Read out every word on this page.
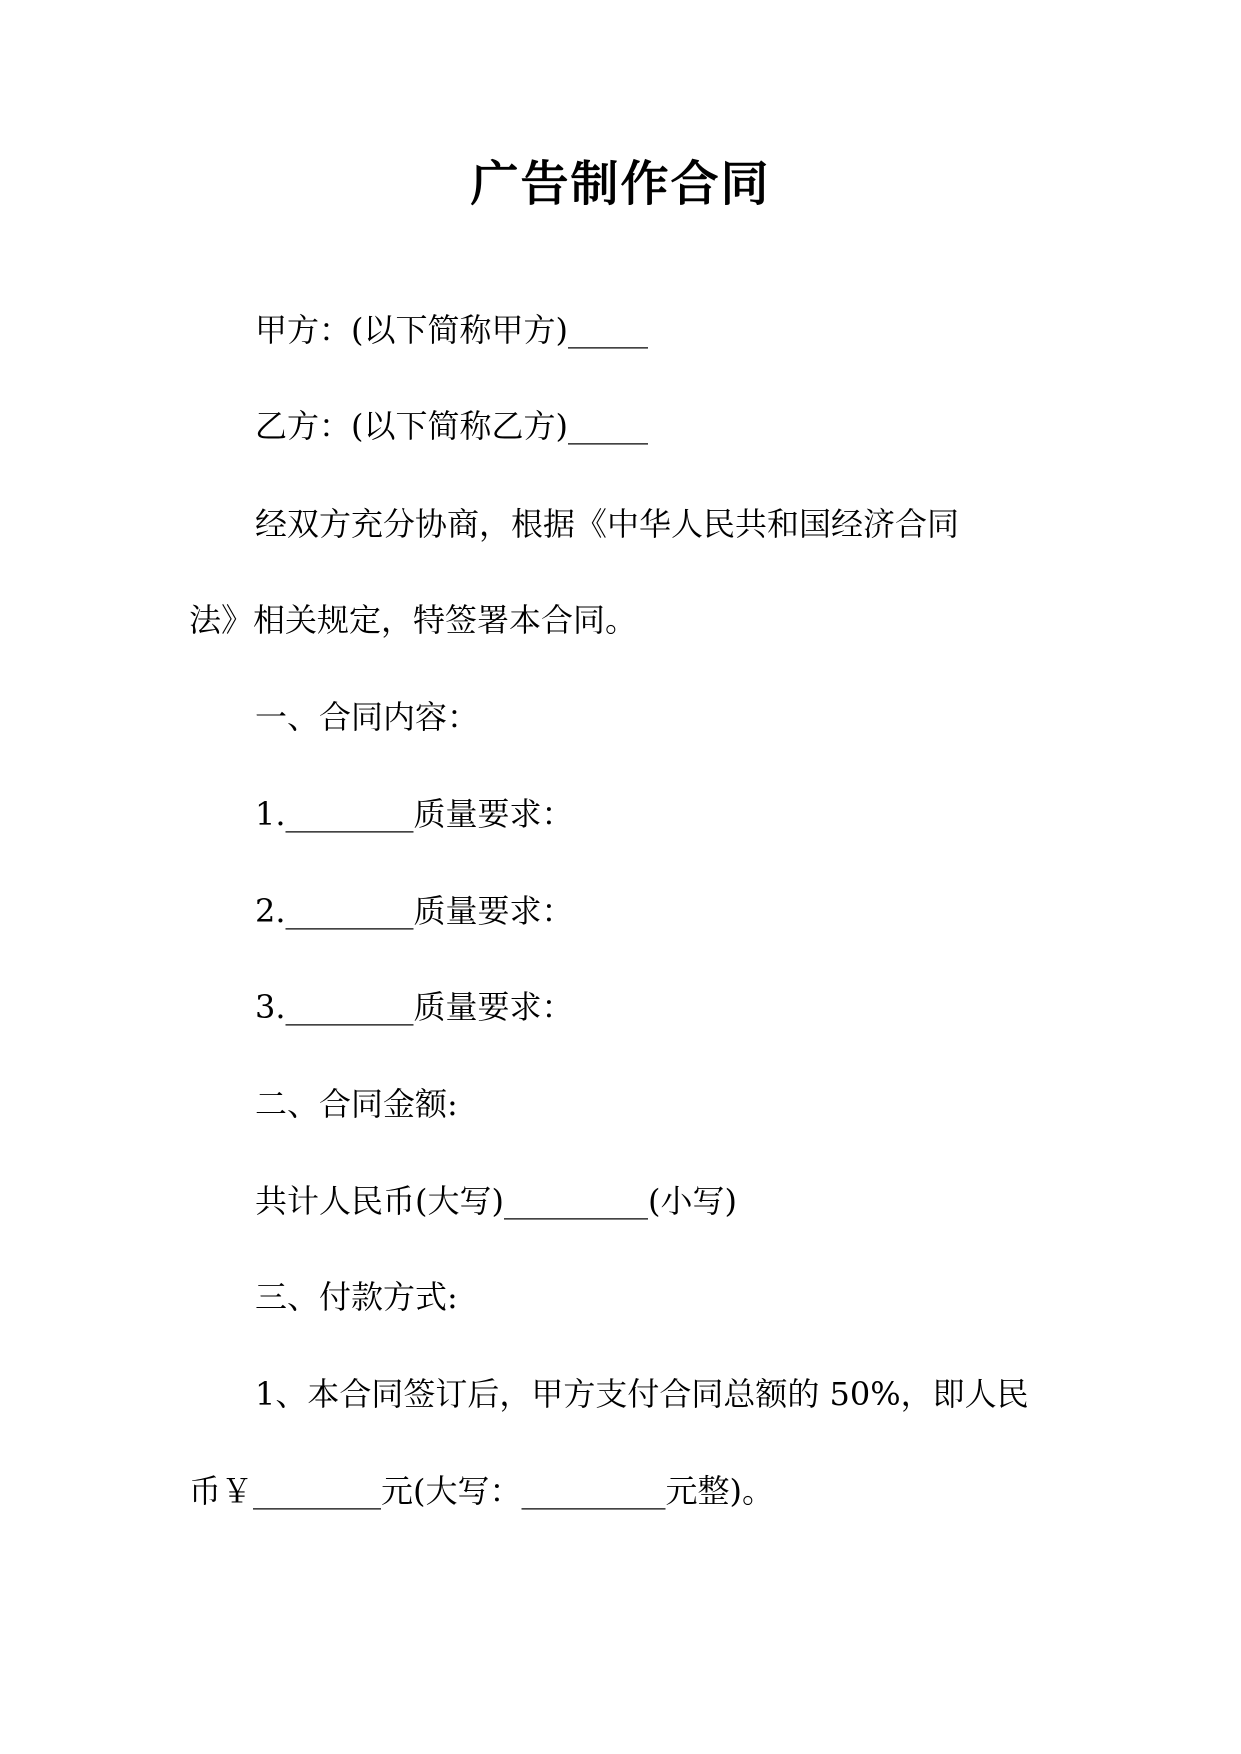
广告制作合同
甲方：(以下简称甲方)_____
乙方：(以下简称乙方)_____
经双方充分协商，根据《中华人民共和国经济合同
法》相关规定，特签署本合同。
一、合同内容：
1.________质量要求：
2.________质量要求：
3.________质量要求：
二、合同金额:
共计人民币(大写)_________(小写)
三、付款方式:
1、本合同签订后，甲方支付合同总额的 50%，即人民
币￥________元(大写：_________元整)。
